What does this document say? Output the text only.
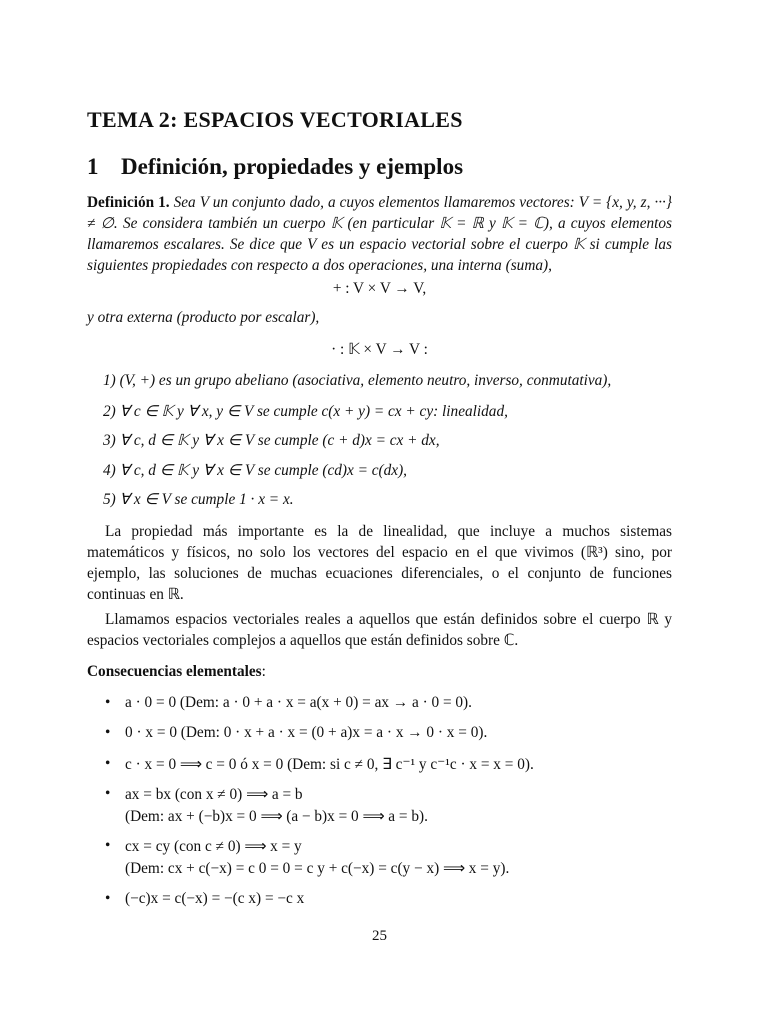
TEMA 2: ESPACIOS VECTORIALES
1 Definición, propiedades y ejemplos
Definición 1. Sea V un conjunto dado, a cuyos elementos llamaremos vectores: V = {x, y, z, ···} ≠ ∅. Se considera también un cuerpo 𝕂 (en particular 𝕂 = ℝ y 𝕂 = ℂ), a cuyos elementos llamaremos escalares. Se dice que V es un espacio vectorial sobre el cuerpo 𝕂 si cumple las siguientes propiedades con respecto a dos operaciones, una interna (suma),
+ : V × V → V,
y otra externa (producto por escalar),
· : 𝕂 × V → V :
1) (V, +) es un grupo abeliano (asociativa, elemento neutro, inverso, conmutativa),
2) ∀ c ∈ 𝕂 y ∀ x, y ∈ V se cumple c(x + y) = cx + cy: linealidad,
3) ∀ c, d ∈ 𝕂 y ∀ x ∈ V se cumple (c + d)x = cx + dx,
4) ∀ c, d ∈ 𝕂 y ∀ x ∈ V se cumple (cd)x = c(dx),
5) ∀ x ∈ V se cumple 1 · x = x.
La propiedad más importante es la de linealidad, que incluye a muchos sistemas matemáticos y físicos, no solo los vectores del espacio en el que vivimos (ℝ³) sino, por ejemplo, las soluciones de muchas ecuaciones diferenciales, o el conjunto de funciones continuas en ℝ.
Llamamos espacios vectoriales reales a aquellos que están definidos sobre el cuerpo ℝ y espacios vectoriales complejos a aquellos que están definidos sobre ℂ.
Consecuencias elementales:
• a · 0 = 0 (Dem: a · 0 + a · x = a(x + 0) = ax → a · 0 = 0).
• 0 · x = 0 (Dem: 0 · x + a · x = (0 + a)x = a · x → 0 · x = 0).
• c · x = 0 ⟹ c = 0 ó x = 0 (Dem: si c ≠ 0, ∃ c⁻¹ y c⁻¹c · x = x = 0).
• ax = bx (con x ≠ 0) ⟹ a = b
(Dem: ax + (−b)x = 0 ⟹ (a − b)x = 0 ⟹ a = b).
• cx = cy (con c ≠ 0) ⟹ x = y
(Dem: cx + c(−x) = c 0 = 0 = c y + c(−x) = c(y − x) ⟹ x = y).
• (−c)x = c(−x) = −(c x) = −c x
25
